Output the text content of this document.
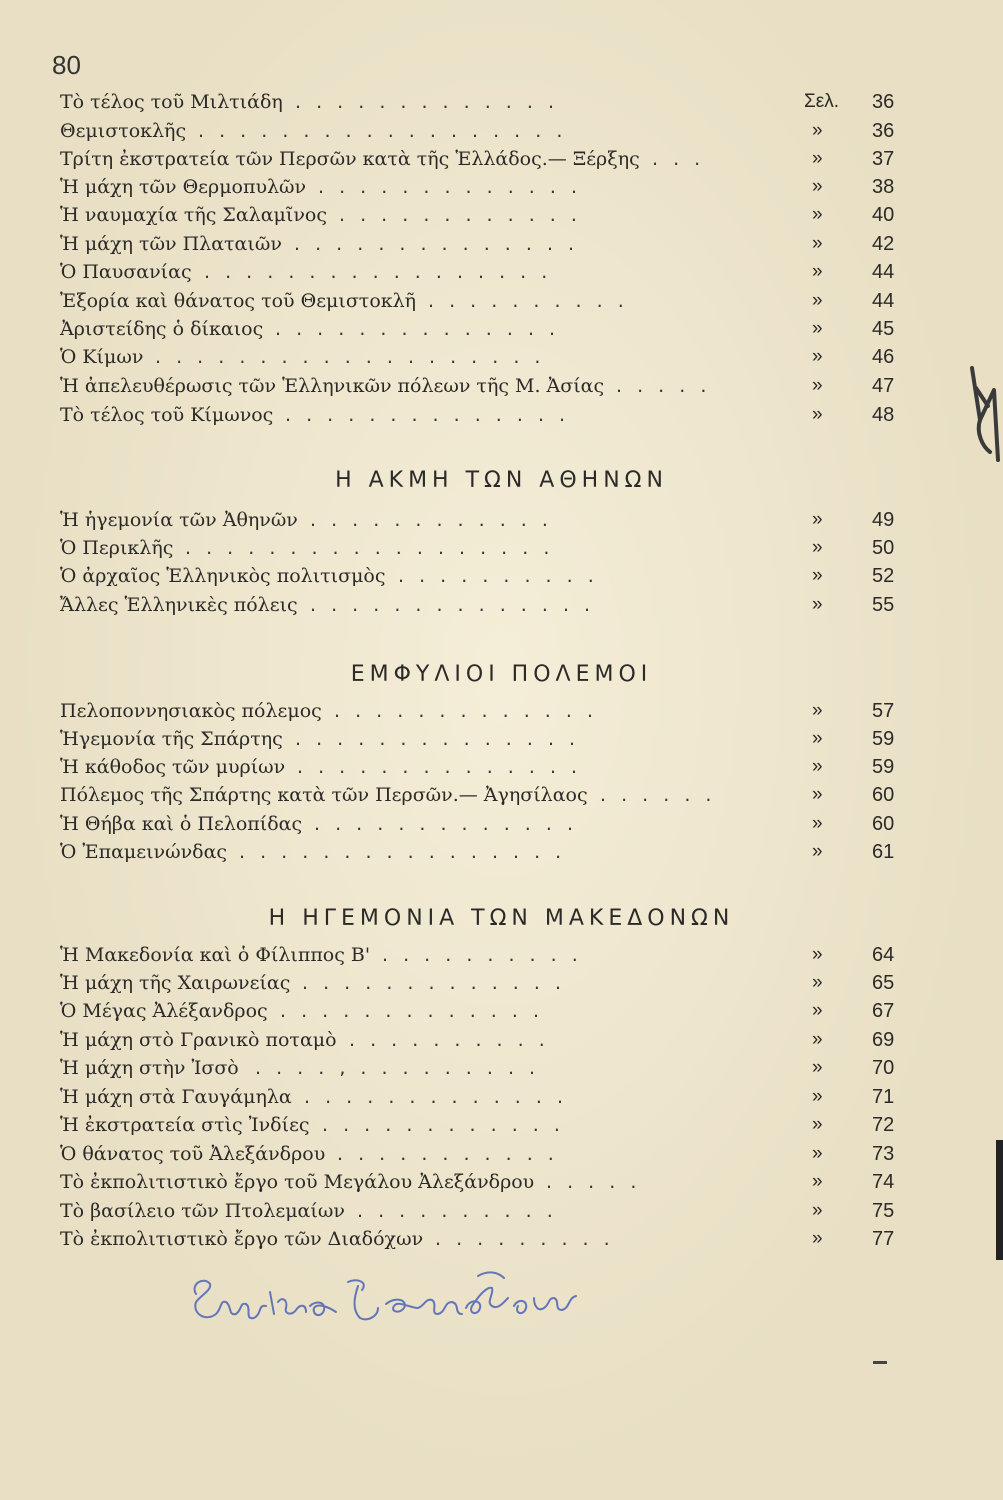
80
Τὸ τέλος τοῦ Μιλτιάδη . . . . . . . . . . . . .	Σελ. 36
Θεμιστοκλῆς . . . . . . . . . . . . . . . . . .	» 36
Τρίτη ἐκστρατεία τῶν Περσῶν κατὰ τῆς Ἑλλάδος.— Ξέρξης . . .	» 37
Ἡ μάχη τῶν Θερμοπυλῶν . . . . . . . . . . . . .	» 38
Ἡ ναυμαχία τῆς Σαλαμῖνος . . . . . . . . . . . .	» 40
Ἡ μάχη τῶν Πλαταιῶν . . . . . . . . . . . . . .	» 42
Ὁ Παυσανίας . . . . . . . . . . . . . . . . .	» 44
Ἐξορία καὶ θάνατος τοῦ Θεμιστοκλῆ . . . . . . . . . .	» 44
Ἀριστείδης ὁ δίκαιος . . . . . . . . . . . . . .	» 45
Ὁ Κίμων . . . . . . . . . . . . . . . . . . .	» 46
Ἡ ἀπελευθέρωσις τῶν Ἑλληνικῶν πόλεων τῆς Μ. Ἀσίας . . . . .	» 47
Τὸ τέλος τοῦ Κίμωνος . . . . . . . . . . . . . .	» 48
Η ΑΚΜΗ ΤΩΝ ΑΘΗΝΩΝ
Ἡ ἡγεμονία τῶν Ἀθηνῶν . . . . . . . . . . . .	» 49
Ὁ Περικλῆς . . . . . . . . . . . . . . . . . .	» 50
Ὁ ἀρχαῖος Ἑλληνικὸς πολιτισμὸς . . . . . . . . . .	» 52
Ἄλλες Ἑλληνικὲς πόλεις . . . . . . . . . . . . . .	» 55
ΕΜΦΥΛΙΟΙ ΠΟΛΕΜΟΙ
Πελοποννησιακὸς πόλεμος . . . . . . . . . . . . .	» 57
Ἡγεμονία τῆς Σπάρτης . . . . . . . . . . . . . .	» 59
Ἡ κάθοδος τῶν μυρίων . . . . . . . . . . . . . .	» 59
Πόλεμος τῆς Σπάρτης κατὰ τῶν Περσῶν.— Ἀγησίλαος . . . . . .	» 60
Ἡ Θήβα καὶ ὁ Πελοπίδας . . . . . . . . . . . . .	» 60
Ὁ Ἐπαμεινώνδας . . . . . . . . . . . . . . . .	» 61
Η ΗΓΕΜΟΝΙΑ ΤΩΝ ΜΑΚΕΔΟΝΩΝ
Ἡ Μακεδονία καὶ ὁ Φίλιππος Β' . . . . . . . . . .	» 64
Ἡ μάχη τῆς Χαιρωνείας . . . . . . . . . . . . .	» 65
Ὁ Μέγας Ἀλέξανδρος . . . . . . . . . . . . .	» 67
Ἡ μάχη στὸ Γρανικὸ ποταμὸ . . . . . . . . . .	» 69
Ἡ μάχη στὴν Ἰσσὸ . . . . , . . . . . . . . .	» 70
Ἡ μάχη στὰ Γαυγάμηλα . . . . . . . . . . . . .	» 71
Ἡ ἐκστρατεία στὶς Ἰνδίες . . . . . . . . . . . .	» 72
Ὁ θάνατος τοῦ Ἀλεξάνδρου . . . . . . . . . . .	» 73
Τὸ ἐκπολιτιστικὸ ἔργο τοῦ Μεγάλου Ἀλεξάνδρου . . . . .	» 74
Τὸ βασίλειο τῶν Πτολεμαίων . . . . . . . . . .	» 75
Τὸ ἐκπολιτιστικὸ ἔργο τῶν Διαδόχων . . . . . . . . .	» 77
